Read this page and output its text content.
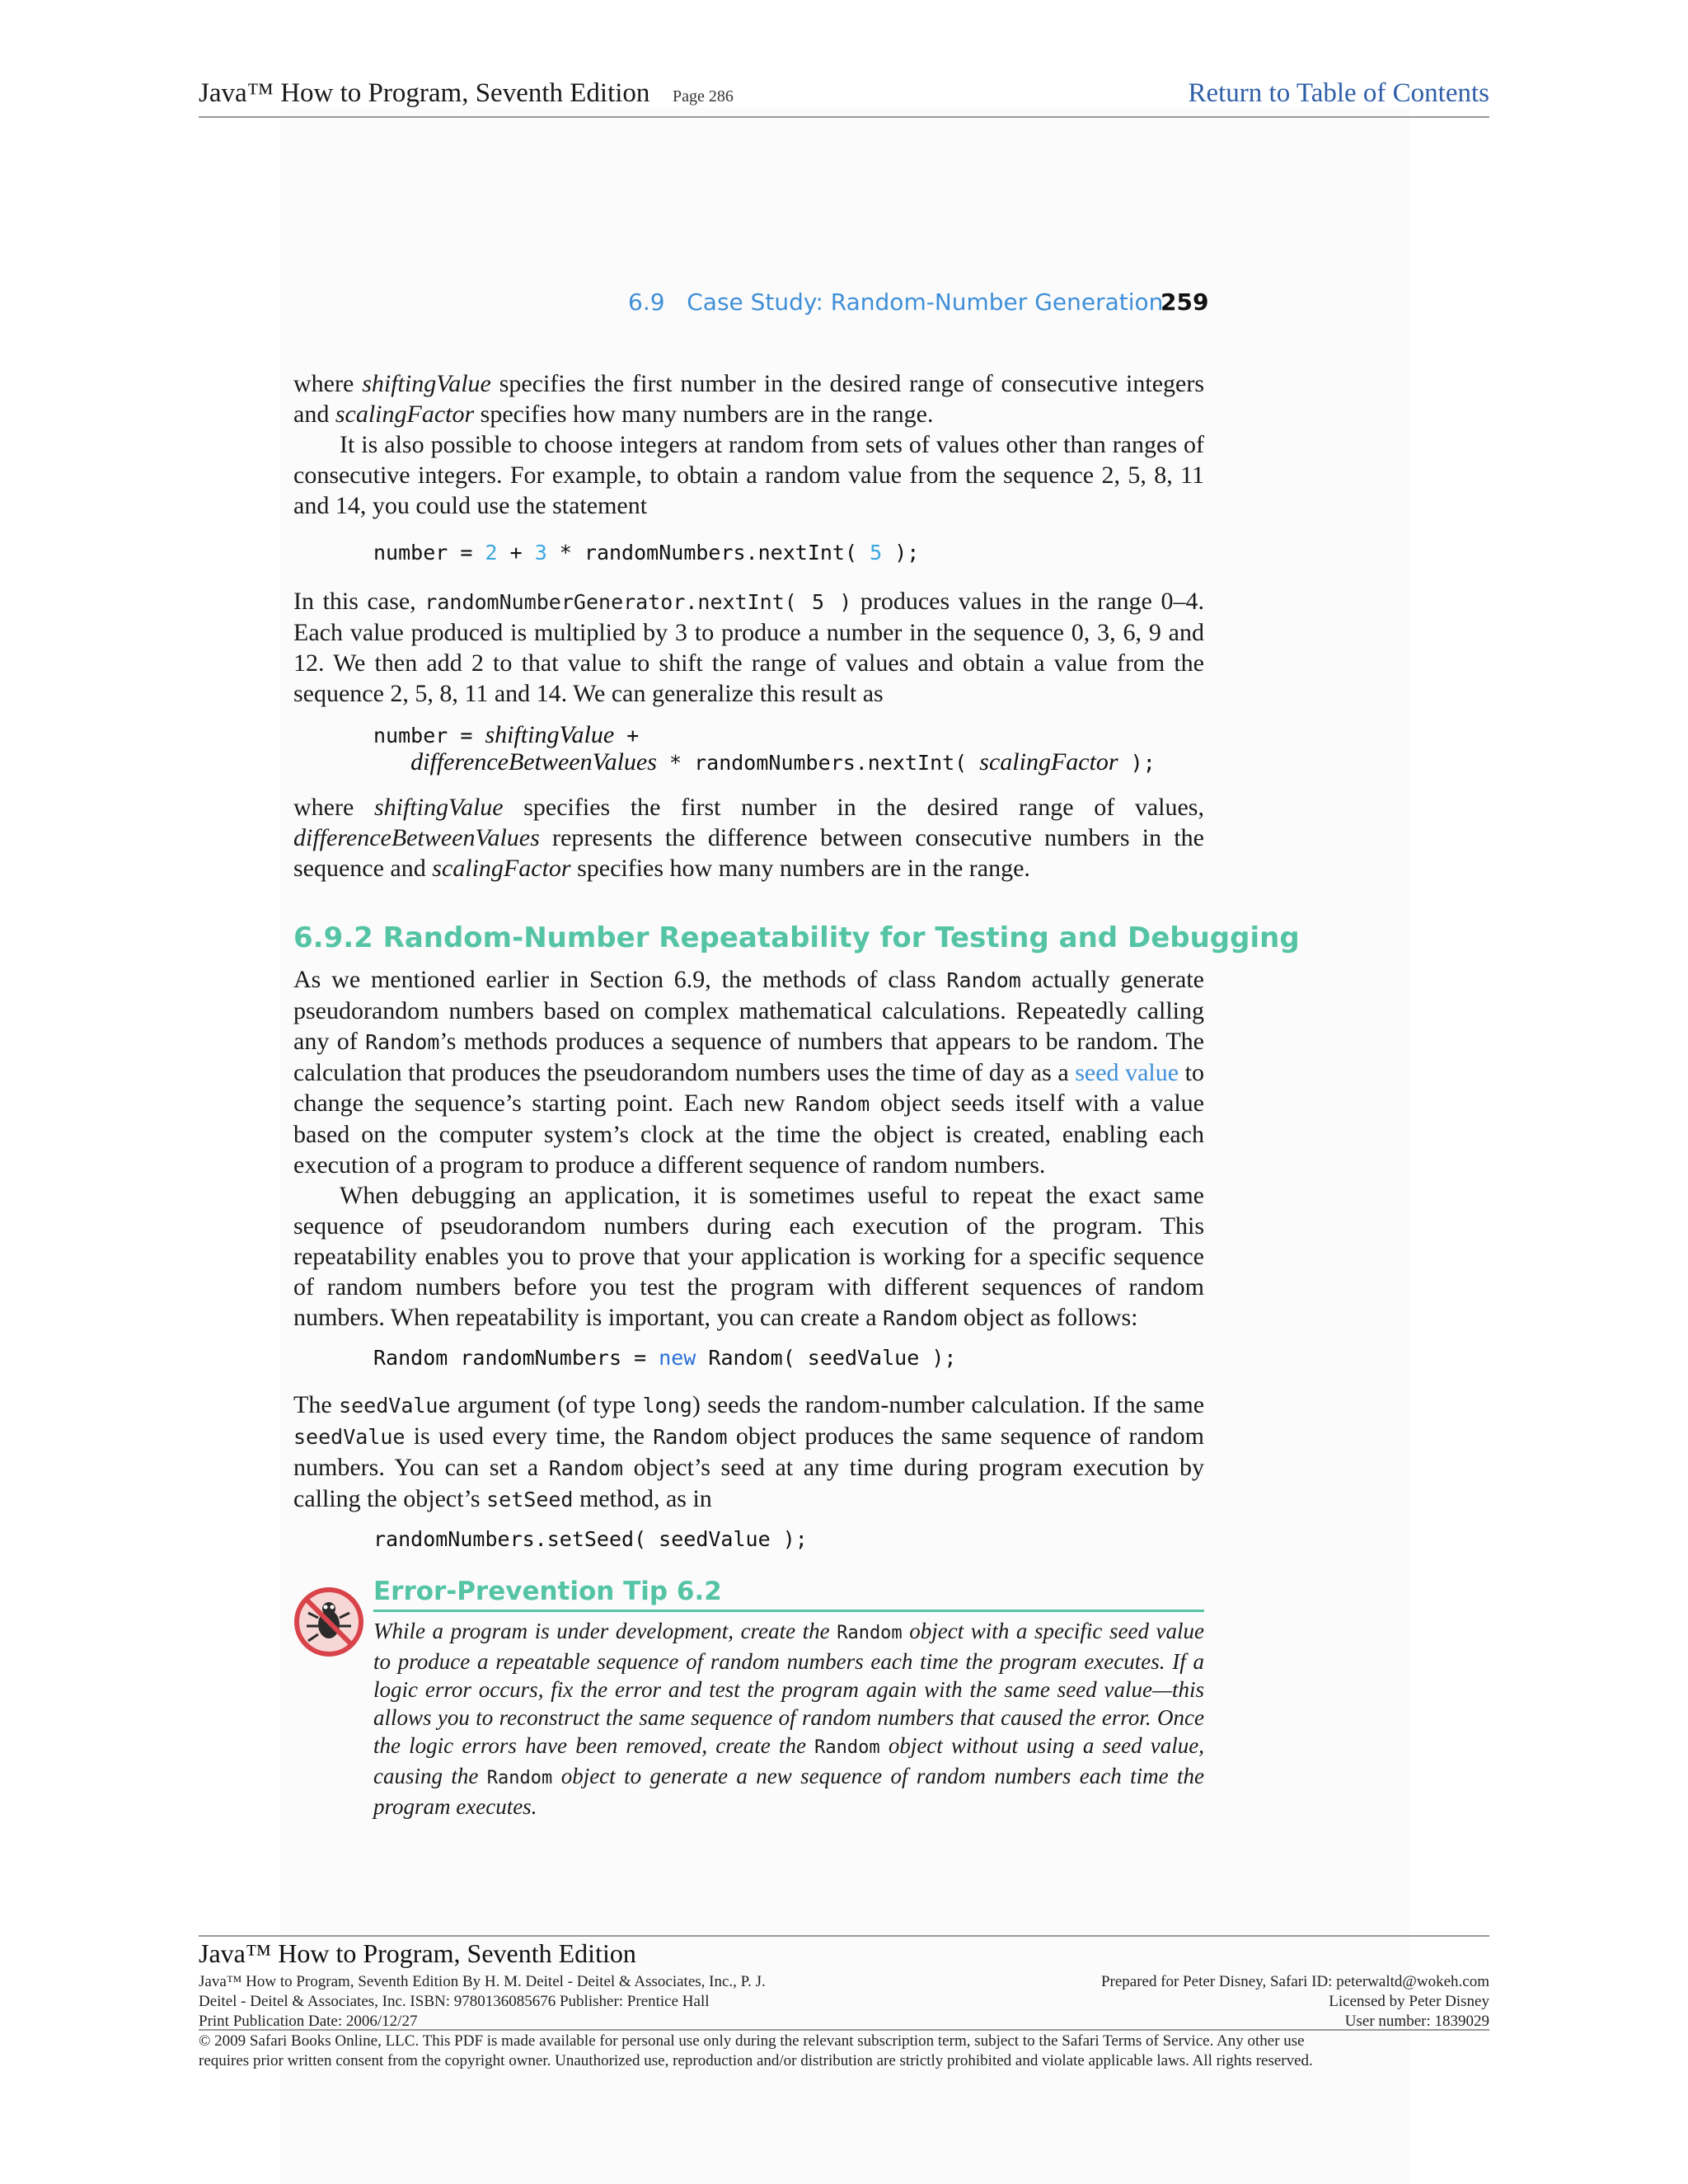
Java™ How to Program, Seventh Edition Page 286	Return to Table of Contents
6.9   Case Study: Random-Number Generation
259

where shiftingValue specifies the first number in the desired range of consecutive integers and scalingFactor specifies how many numbers are in the range.

It is also possible to choose integers at random from sets of values other than ranges of consecutive integers. For example, to obtain a random value from the sequence 2, 5, 8, 11 and 14, you could use the statement

number = 2 + 3 * randomNumbers.nextInt( 5 );

In this case, randomNumberGenerator.nextInt( 5 ) produces values in the range 0–4. Each value produced is multiplied by 3 to produce a number in the sequence 0, 3, 6, 9 and 12. We then add 2 to that value to shift the range of values and obtain a value from the sequence 2, 5, 8, 11 and 14. We can generalize this result as

number = shiftingValue +
differenceBetweenValues * randomNumbers.nextInt( scalingFactor );

where shiftingValue specifies the first number in the desired range of values, differenceBetweenValues represents the difference between consecutive numbers in the sequence and scalingFactor specifies how many numbers are in the range.

6.9.2 Random-Number Repeatability for Testing and Debugging

As we mentioned earlier in Section 6.9, the methods of class Random actually generate pseudorandom numbers based on complex mathematical calculations. Repeatedly calling any of Random’s methods produces a sequence of numbers that appears to be random. The calculation that produces the pseudorandom numbers uses the time of day as a seed value to change the sequence’s starting point. Each new Random object seeds itself with a value based on the computer system’s clock at the time the object is created, enabling each execution of a program to produce a different sequence of random numbers.

When debugging an application, it is sometimes useful to repeat the exact same sequence of pseudorandom numbers during each execution of the program. This repeatability enables you to prove that your application is working for a specific sequence of random numbers before you test the program with different sequences of random numbers. When repeatability is important, you can create a Random object as follows:

Random randomNumbers = new Random( seedValue );

The seedValue argument (of type long) seeds the random-number calculation. If the same seedValue is used every time, the Random object produces the same sequence of random numbers. You can set a Random object’s seed at any time during program execution by calling the object’s setSeed method, as in

randomNumbers.setSeed( seedValue );
Error-Prevention Tip 6.2
While a program is under development, create the Random object with a specific seed value to produce a repeatable sequence of random numbers each time the program executes. If a logic error occurs, fix the error and test the program again with the same seed value—this allows you to reconstruct the same sequence of random numbers that caused the error. Once the logic errors have been removed, create the Random object without using a seed value, causing the Random object to generate a new sequence of random numbers each time the program executes.
Java™ How to Program, Seventh Edition
Java™ How to Program, Seventh Edition By H. M. Deitel - Deitel & Associates, Inc., P. J.
Deitel - Deitel & Associates, Inc. ISBN: 9780136085676 Publisher: Prentice Hall
Print Publication Date: 2006/12/27
Prepared for Peter Disney, Safari ID: peterwaltd@wokeh.com
Licensed by Peter Disney
User number: 1839029
© 2009 Safari Books Online, LLC. This PDF is made available for personal use only during the relevant subscription term, subject to the Safari Terms of Service. Any other use
requires prior written consent from the copyright owner. Unauthorized use, reproduction and/or distribution are strictly prohibited and violate applicable laws. All rights reserved.
